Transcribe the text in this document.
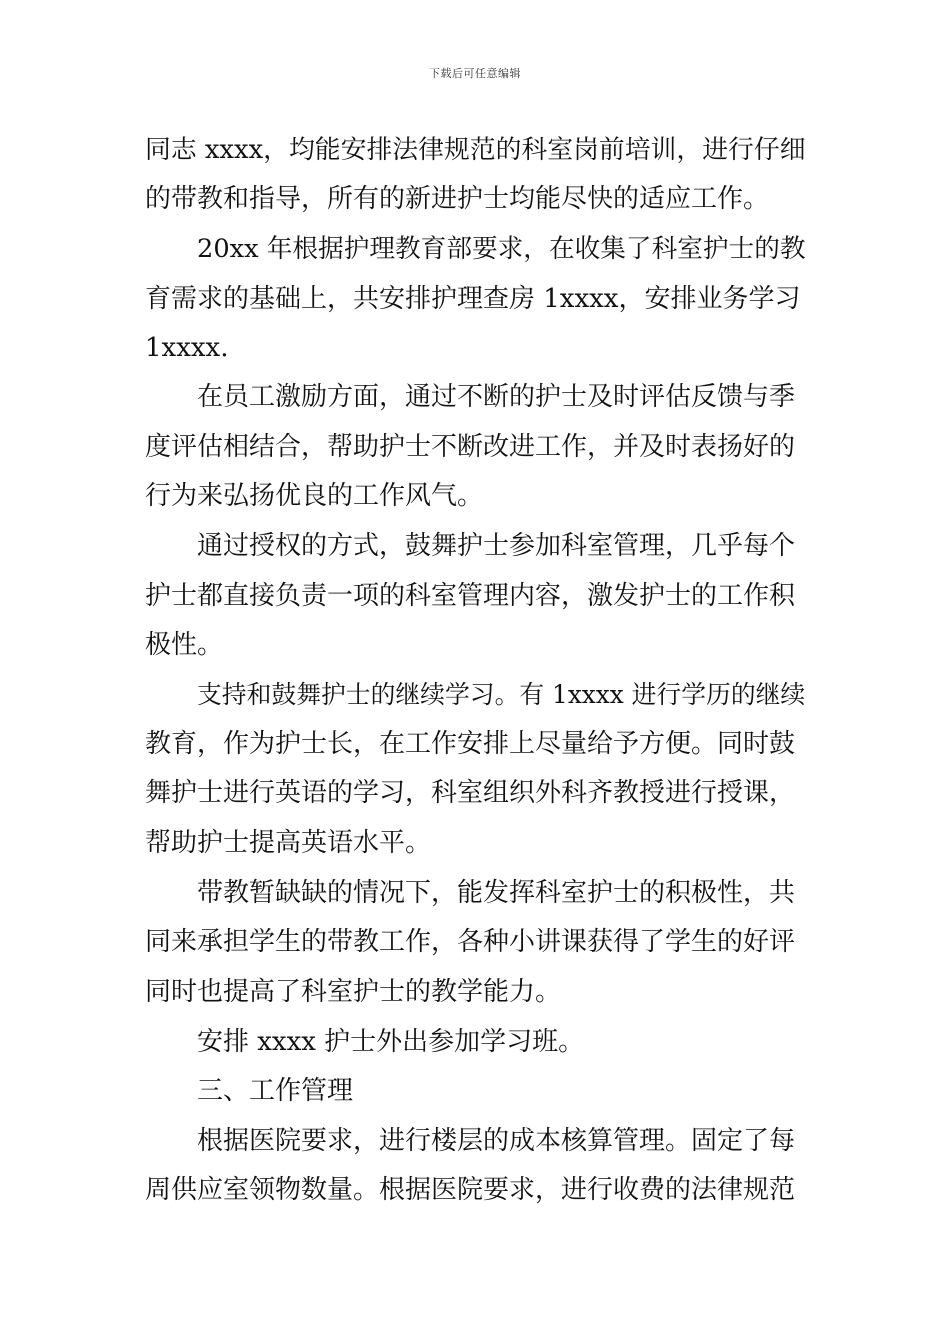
下载后可任意编辑
同志 xxxx，均能安排法律规范的科室岗前培训，进行仔细
的带教和指导，所有的新进护士均能尽快的适应工作。
20xx 年根据护理教育部要求，在收集了科室护士的教
育需求的基础上，共安排护理查房 1xxxx，安排业务学习
1xxxx.
在员工激励方面，通过不断的护士及时评估反馈与季
度评估相结合，帮助护士不断改进工作，并及时表扬好的
行为来弘扬优良的工作风气。
通过授权的方式，鼓舞护士参加科室管理，几乎每个
护士都直接负责一项的科室管理内容，激发护士的工作积
极性。
支持和鼓舞护士的继续学习。有 1xxxx 进行学历的继续
教育，作为护士长，在工作安排上尽量给予方便。同时鼓
舞护士进行英语的学习，科室组织外科齐教授进行授课，
帮助护士提高英语水平。
带教暂缺缺的情况下，能发挥科室护士的积极性，共
同来承担学生的带教工作，各种小讲课获得了学生的好评
同时也提高了科室护士的教学能力。
安排 xxxx 护士外出参加学习班。
三、工作管理
根据医院要求，进行楼层的成本核算管理。固定了每
周供应室领物数量。根据医院要求，进行收费的法律规范
